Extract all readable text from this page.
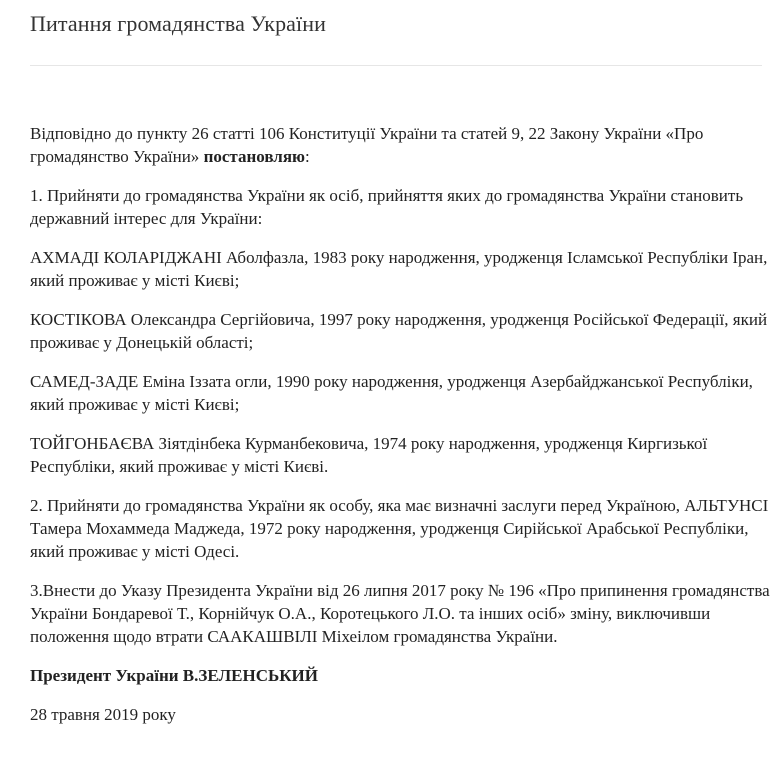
Питання громадянства України

Відповідно до пункту 26 статті 106 Конституції України та статей 9, 22 Закону України «Про громадянство України» постановляю:

1. Прийняти до громадянства України як осіб, прийняття яких до громадянства України становить державний інтерес для України:

АХМАДІ КОЛАРІДЖАНІ Аболфазла, 1983 року народження, уродженця Ісламської Республіки Іран, який проживає у місті Києві;

КОСТІКОВА Олександра Сергійовича, 1997 року народження, уродженця Російської Федерації, який проживає у Донецькій області;

САМЕД-ЗАДЕ Еміна Іззата огли, 1990 року народження, уродженця Азербайджанської Республіки, який проживає у місті Києві;

ТОЙГОНБАЄВА Зіятдінбека Курманбековича, 1974 року народження, уродженця Киргизької Республіки, який проживає у місті Києві.

2. Прийняти до громадянства України як особу, яка має визначні заслуги перед Україною, АЛЬТУНСІ Тамера Мохаммеда Маджеда, 1972 року народження, уродженця Сирійської Арабської Республіки, який проживає у місті Одесі.

3.Внести до Указу Президента України від 26 липня 2017 року № 196 «Про припинення громадянства України Бондаревої Т., Корнійчук О.А., Коротецького Л.О. та інших осіб» зміну, виключивши положення щодо втрати СААКАШВІЛІ Міхеілом громадянства України.

Президент України В.ЗЕЛЕНСЬКИЙ

28 травня 2019 року
